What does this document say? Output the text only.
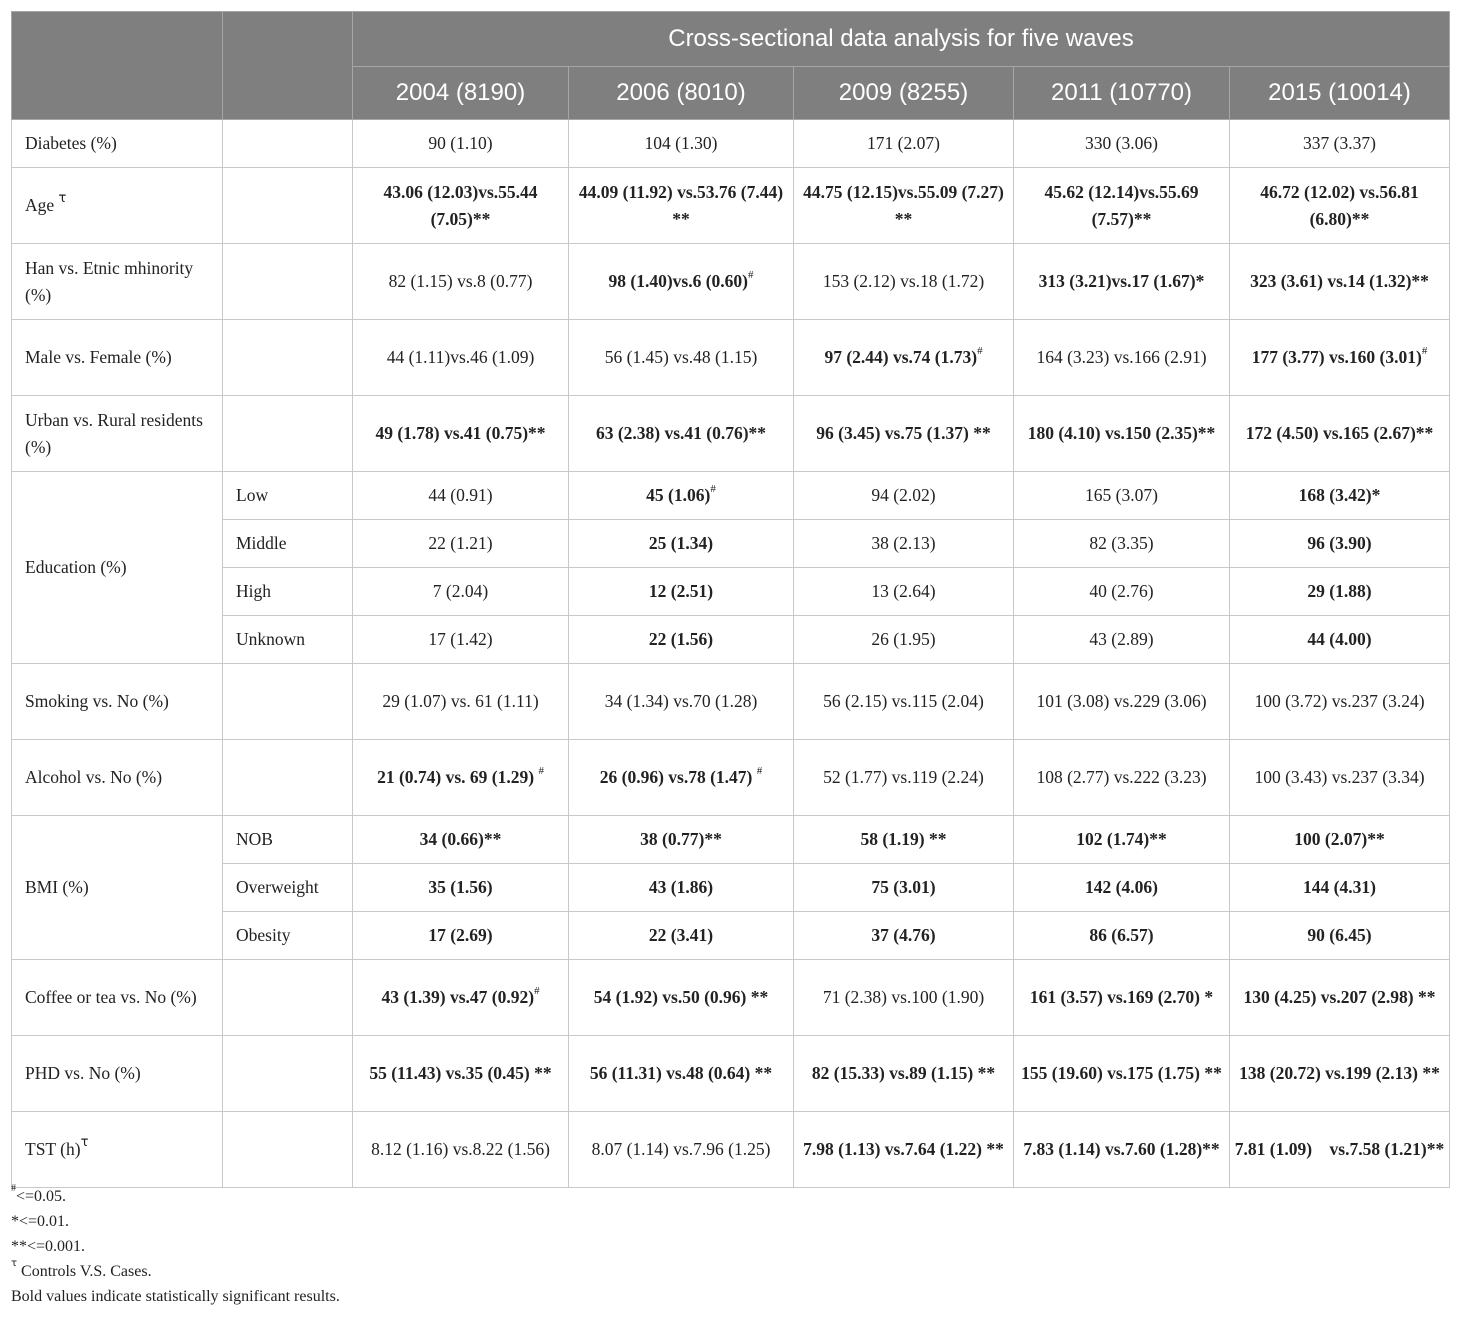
		Cross-sectional data analysis for five waves				
		2004 (8190)	2006 (8010)	2009 (8255)	2011 (10770)	2015 (10014)
Diabetes (%)		90 (1.10)	104 (1.30)	171 (2.07)	330 (3.06)	337 (3.37)
Age $^\tau$		43.06 (12.03)vs.55.44 (7.05)**	44.09 (11.92) vs.53.76 (7.44) **	44.75 (12.15)vs.55.09 (7.27) **	45.62 (12.14)vs.55.69 (7.57)**	46.72 (12.02) vs.56.81 (6.80)**
Han vs. Etnic mhinority (%)		82 (1.15) vs.8 (0.77)	98 (1.40)vs.6 (0.60)#	153 (2.12) vs.18 (1.72)	313 (3.21)vs.17 (1.67)*	323 (3.61) vs.14 (1.32)**
Male vs. Female (%)		44 (1.11)vs.46 (1.09)	56 (1.45) vs.48 (1.15)	97 (2.44) vs.74 (1.73)#	164 (3.23) vs.166 (2.91)	177 (3.77) vs.160 (3.01)#
Urban vs. Rural residents (%)		49 (1.78) vs.41 (0.75)**	63 (2.38) vs.41 (0.76)**	96 (3.45) vs.75 (1.37) **	180 (4.10) vs.150 (2.35)**	172 (4.50) vs.165 (2.67)**
Education (%)	Low	44 (0.91)	45 (1.06)#	94 (2.02)	165 (3.07)	168 (3.42)*
	Middle	22 (1.21)	25 (1.34)	38 (2.13)	82 (3.35)	96 (3.90)
	High	7 (2.04)	12 (2.51)	13 (2.64)	40 (2.76)	29 (1.88)
	Unknown	17 (1.42)	22 (1.56)	26 (1.95)	43 (2.89)	44 (4.00)
Smoking vs. No (%)		29 (1.07) vs. 61 (1.11)	34 (1.34) vs.70 (1.28)	56 (2.15) vs.115 (2.04)	101 (3.08) vs.229 (3.06)	100 (3.72) vs.237 (3.24)
Alcohol vs. No (%)		21 (0.74) vs. 69 (1.29) #	26 (0.96) vs.78 (1.47) #	52 (1.77) vs.119 (2.24)	108 (2.77) vs.222 (3.23)	100 (3.43) vs.237 (3.34)
BMI (%)	NOB	34 (0.66)**	38 (0.77)**	58 (1.19) **	102 (1.74)**	100 (2.07)**
	Overweight	35 (1.56)	43 (1.86)	75 (3.01)	142 (4.06)	144 (4.31)
	Obesity	17 (2.69)	22 (3.41)	37 (4.76)	86 (6.57)	90 (6.45)
Coffee or tea vs. No (%)		43 (1.39) vs.47 (0.92)#	54 (1.92) vs.50 (0.96) **	71 (2.38) vs.100 (1.90)	161 (3.57) vs.169 (2.70) *	130 (4.25) vs.207 (2.98) **
PHD vs. No (%)		55 (11.43) vs.35 (0.45) **	56 (11.31) vs.48 (0.64) **	82 (15.33) vs.89 (1.15) **	155 (19.60) vs.175 (1.75) **	138 (20.72) vs.199 (2.13) **
TST $(h)^\tau$		8.12 (1.16) vs.8.22 (1.56)	8.07 (1.14) vs.7.96 (1.25)	7.98 (1.13) vs.7.64 (1.22) **	7.83 (1.14) vs.7.60 (1.28)**	7.81 (1.09)    vs.7.58 (1.21)**
#<=0.05.
*<=0.01.
**<=0.001.
$^\tau$ Controls V.S. Cases.
Bold values indicate statistically significant results.
